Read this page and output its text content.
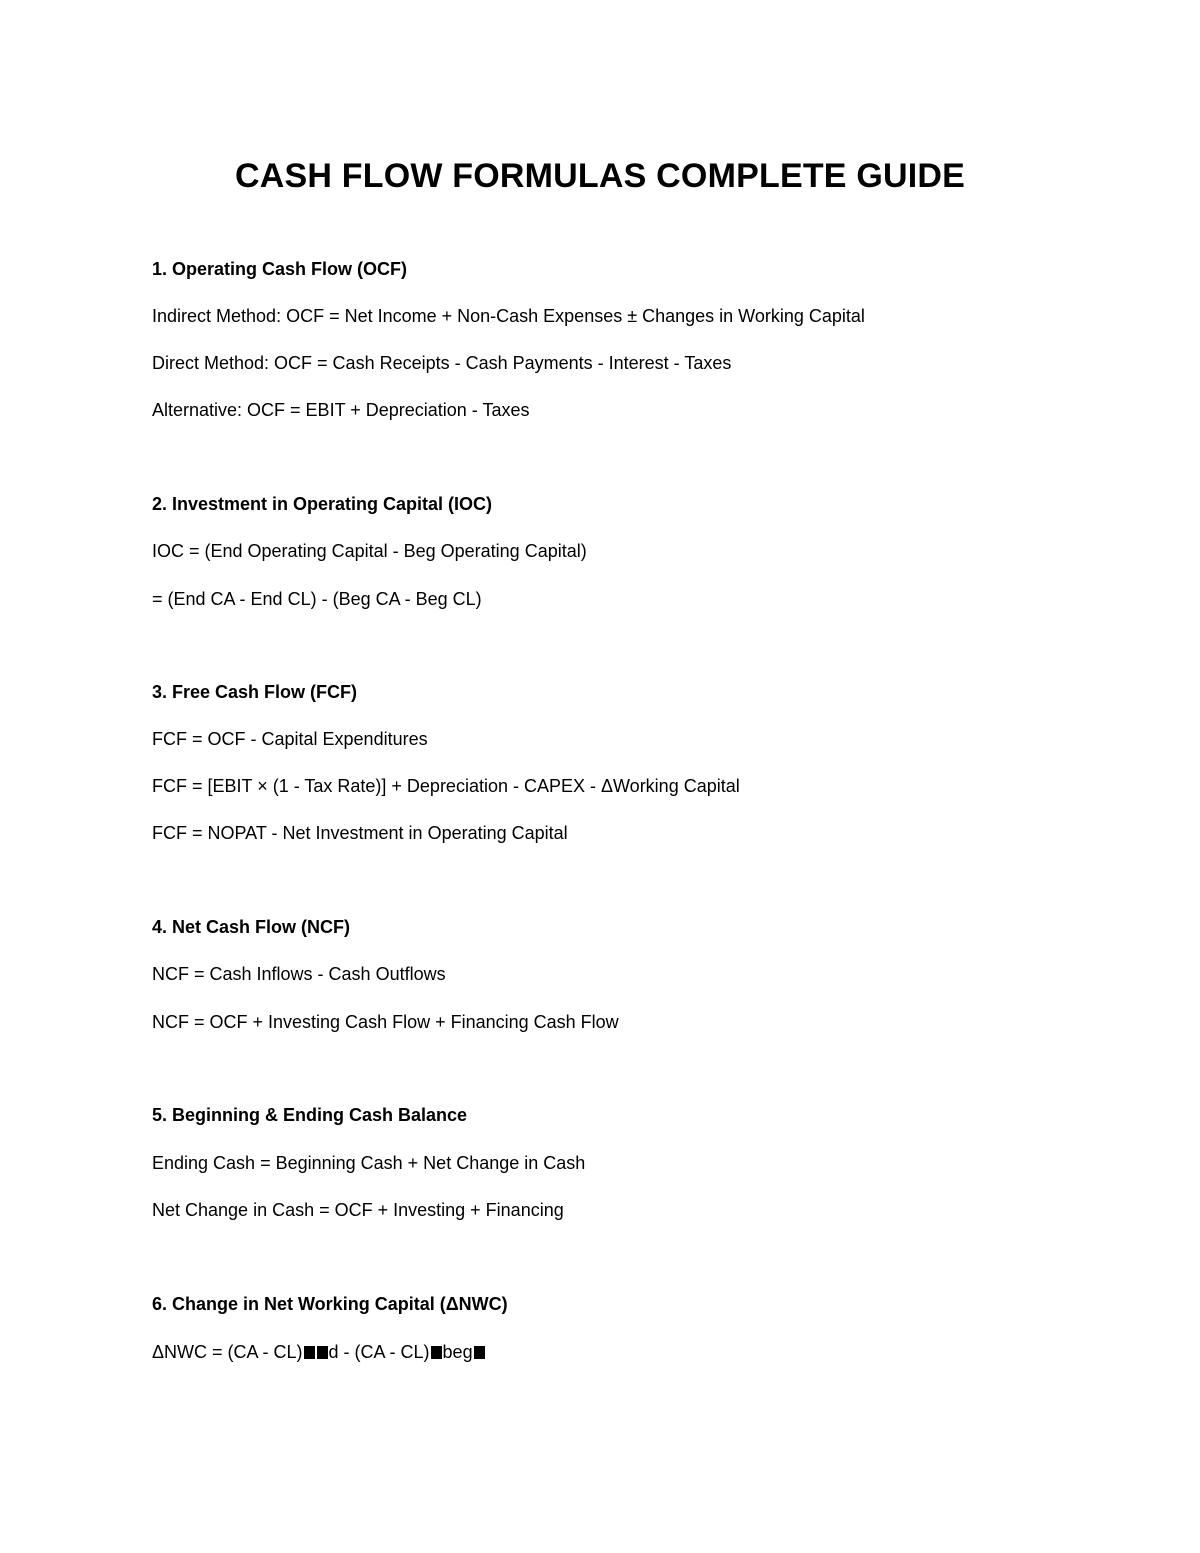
CASH FLOW FORMULAS COMPLETE GUIDE

1. Operating Cash Flow (OCF)

Indirect Method: OCF = Net Income + Non-Cash Expenses ± Changes in Working Capital

Direct Method: OCF = Cash Receipts - Cash Payments - Interest - Taxes

Alternative: OCF = EBIT + Depreciation - Taxes

2. Investment in Operating Capital (IOC)

IOC = (End Operating Capital - Beg Operating Capital)

= (End CA - End CL) - (Beg CA - Beg CL)

3. Free Cash Flow (FCF)

FCF = OCF - Capital Expenditures

FCF = [EBIT × (1 - Tax Rate)] + Depreciation - CAPEX - ΔWorking Capital

FCF = NOPAT - Net Investment in Operating Capital

4. Net Cash Flow (NCF)

NCF = Cash Inflows - Cash Outflows

NCF = OCF + Investing Cash Flow + Financing Cash Flow

5. Beginning & Ending Cash Balance

Ending Cash = Beginning Cash + Net Change in Cash

Net Change in Cash = OCF + Investing + Financing

6. Change in Net Working Capital (ΔNWC)

ΔNWC = (CA - CL) d - (CA - CL) beg
